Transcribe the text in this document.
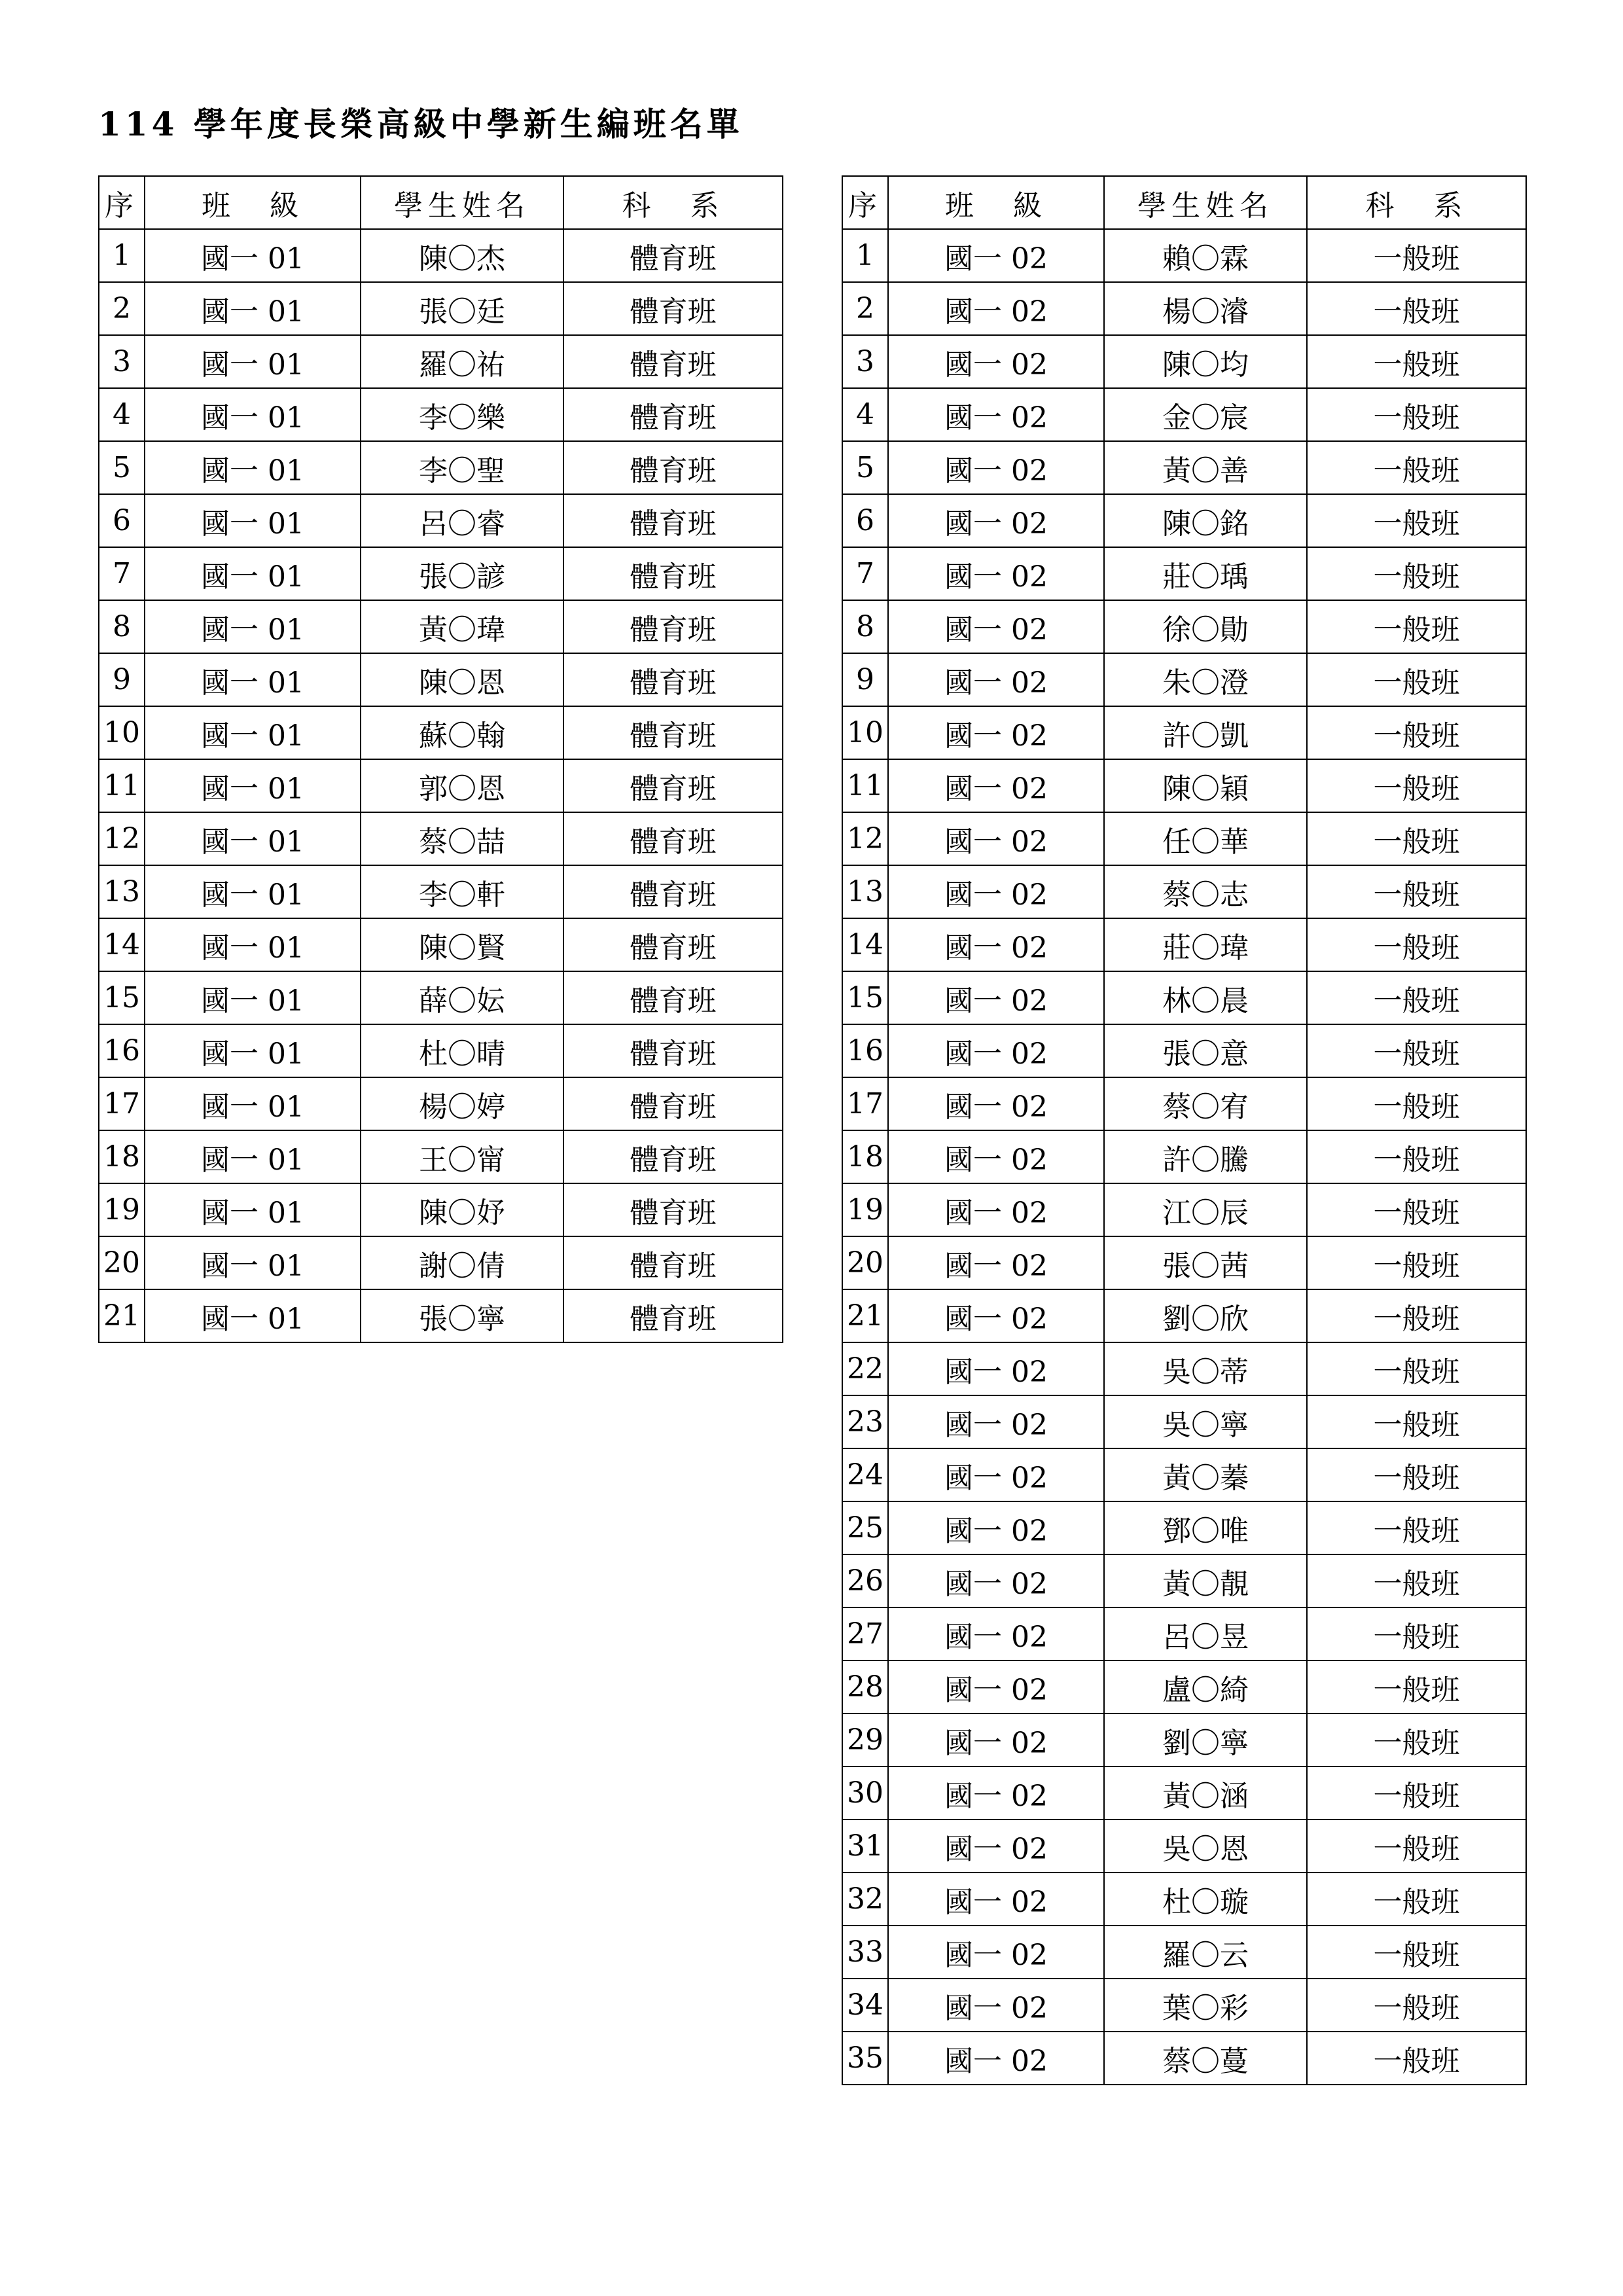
114 學年度長榮高級中學新生編班名單
序	班　級	學生姓名	科　系
1	國一 01	陳〇杰	體育班
2	國一 01	張〇廷	體育班
3	國一 01	羅〇祐	體育班
4	國一 01	李〇樂	體育班
5	國一 01	李〇聖	體育班
6	國一 01	呂〇睿	體育班
7	國一 01	張〇諺	體育班
8	國一 01	黃〇瑋	體育班
9	國一 01	陳〇恩	體育班
10	國一 01	蘇〇翰	體育班
11	國一 01	郭〇恩	體育班
12	國一 01	蔡〇喆	體育班
13	國一 01	李〇軒	體育班
14	國一 01	陳〇賢	體育班
15	國一 01	薛〇妘	體育班
16	國一 01	杜〇晴	體育班
17	國一 01	楊〇婷	體育班
18	國一 01	王〇甯	體育班
19	國一 01	陳〇妤	體育班
20	國一 01	謝〇倩	體育班
21	國一 01	張〇寧	體育班
序	班　級	學生姓名	科　系
1	國一 02	賴〇霖	一般班
2	國一 02	楊〇濬	一般班
3	國一 02	陳〇均	一般班
4	國一 02	金〇宸	一般班
5	國一 02	黃〇善	一般班
6	國一 02	陳〇銘	一般班
7	國一 02	莊〇瑀	一般班
8	國一 02	徐〇勛	一般班
9	國一 02	朱〇澄	一般班
10	國一 02	許〇凱	一般班
11	國一 02	陳〇穎	一般班
12	國一 02	任〇華	一般班
13	國一 02	蔡〇志	一般班
14	國一 02	莊〇瑋	一般班
15	國一 02	林〇晨	一般班
16	國一 02	張〇意	一般班
17	國一 02	蔡〇宥	一般班
18	國一 02	許〇騰	一般班
19	國一 02	江〇辰	一般班
20	國一 02	張〇茜	一般班
21	國一 02	劉〇欣	一般班
22	國一 02	吳〇蒂	一般班
23	國一 02	吳〇寧	一般班
24	國一 02	黃〇蓁	一般班
25	國一 02	鄧〇唯	一般班
26	國一 02	黃〇靚	一般班
27	國一 02	呂〇昱	一般班
28	國一 02	盧〇綺	一般班
29	國一 02	劉〇寧	一般班
30	國一 02	黃〇涵	一般班
31	國一 02	吳〇恩	一般班
32	國一 02	杜〇璇	一般班
33	國一 02	羅〇云	一般班
34	國一 02	葉〇彩	一般班
35	國一 02	蔡〇蔓	一般班
